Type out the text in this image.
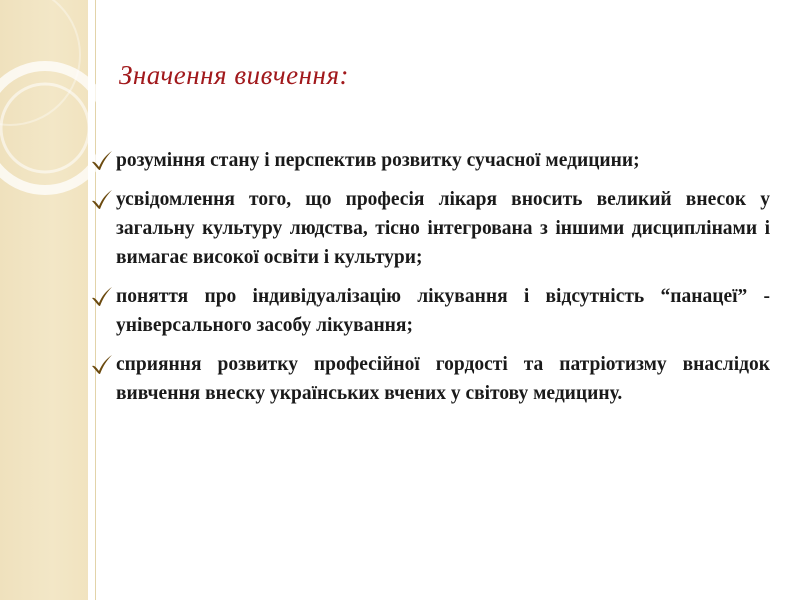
Значення вивчення:
розуміння стану і перспектив розвитку сучасної медицини;
усвідомлення того, що професія лікаря вносить великий внесок у загальну культуру людства, тісно інтегрована з іншими дисциплінами і вимагає високої освіти і культури;
поняття про індивідуалізацію лікування і відсутність “панацеї” - універсального засобу лікування;
сприяння розвитку професійної гордості та патріотизму внаслідок вивчення внеску українських вчених у світову медицину.
